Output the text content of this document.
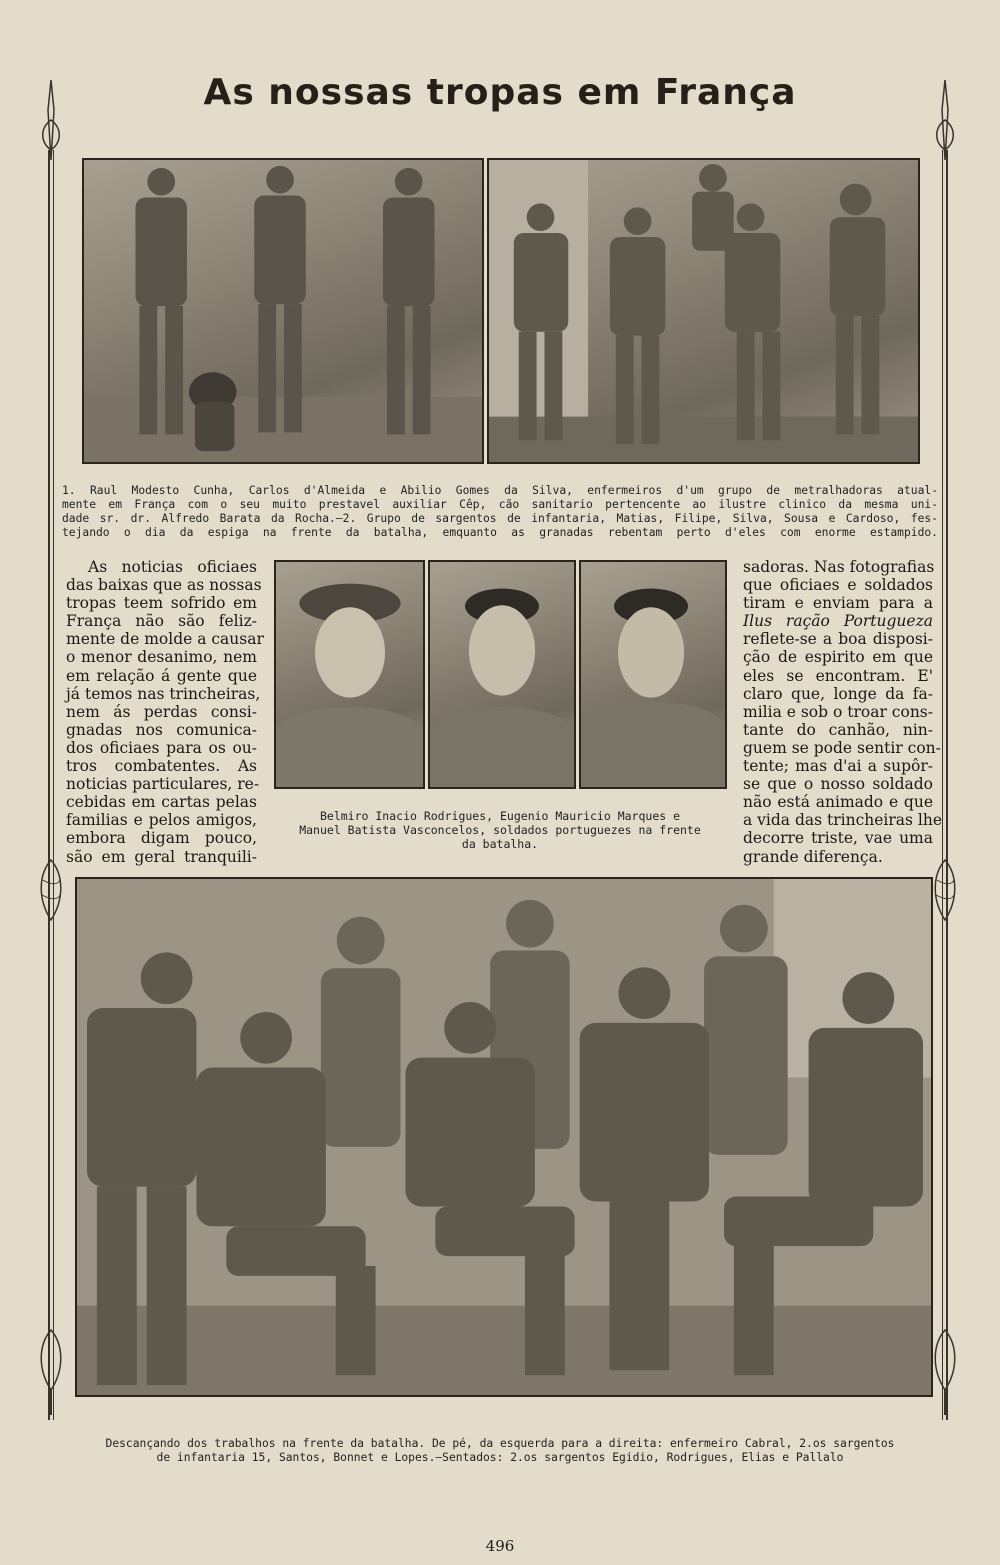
As nossas tropas em França
1. Raul Modesto Cunha, Carlos d'Almeida e Abilio Gomes da Silva, enfermeiros d'um grupo de metralhadoras atual-
mente em França com o seu muito prestavel auxiliar Cêp, cão sanitario pertencente ao ilustre clinico da mesma uni-
dade sr. dr. Alfredo Barata da Rocha.—2. Grupo de sargentos de infantaria, Matias, Filipe, Silva, Sousa e Cardoso, fes-
tejando o dia da espiga na frente da batalha, emquanto as granadas rebentam perto d'eles com enorme estampido.
As noticias oficiaes
das baixas que as nossas
tropas teem sofrido em
França não são feliz-
mente de molde a causar
o menor desanimo, nem
em relação á gente que
já temos nas trincheiras,
nem ás perdas consi-
gnadas nos comunica-
dos oficiaes para os ou-
tros combatentes. As
noticias particulares, re-
cebidas em cartas pelas
familias e pelos amigos,
embora digam pouco,
são em geral tranquili-
Belmiro Inacio Rodrigues, Eugenio Mauricio Marques e
Manuel Batista Vasconcelos, soldados portuguezes na frente
da batalha.
sadoras. Nas fotografias
que oficiaes e soldados
tiram e enviam para a
Ilus ração Portugueza
reflete-se a boa disposi-
ção de espirito em que
eles se encontram. E'
claro que, longe da fa-
milia e sob o troar cons-
tante do canhão, nin-
guem se pode sentir con-
tente; mas d'ai a supôr-
se que o nosso soldado
não está animado e que
a vida das trincheiras lhe
decorre triste, vae uma
grande diferença.
Descançando dos trabalhos na frente da batalha. De pé, da esquerda para a direita: enfermeiro Cabral, 2.os sargentos
de infantaria 15, Santos, Bonnet e Lopes.—Sentados: 2.os sargentos Egidio, Rodrigues, Elias e Pallalo
496
